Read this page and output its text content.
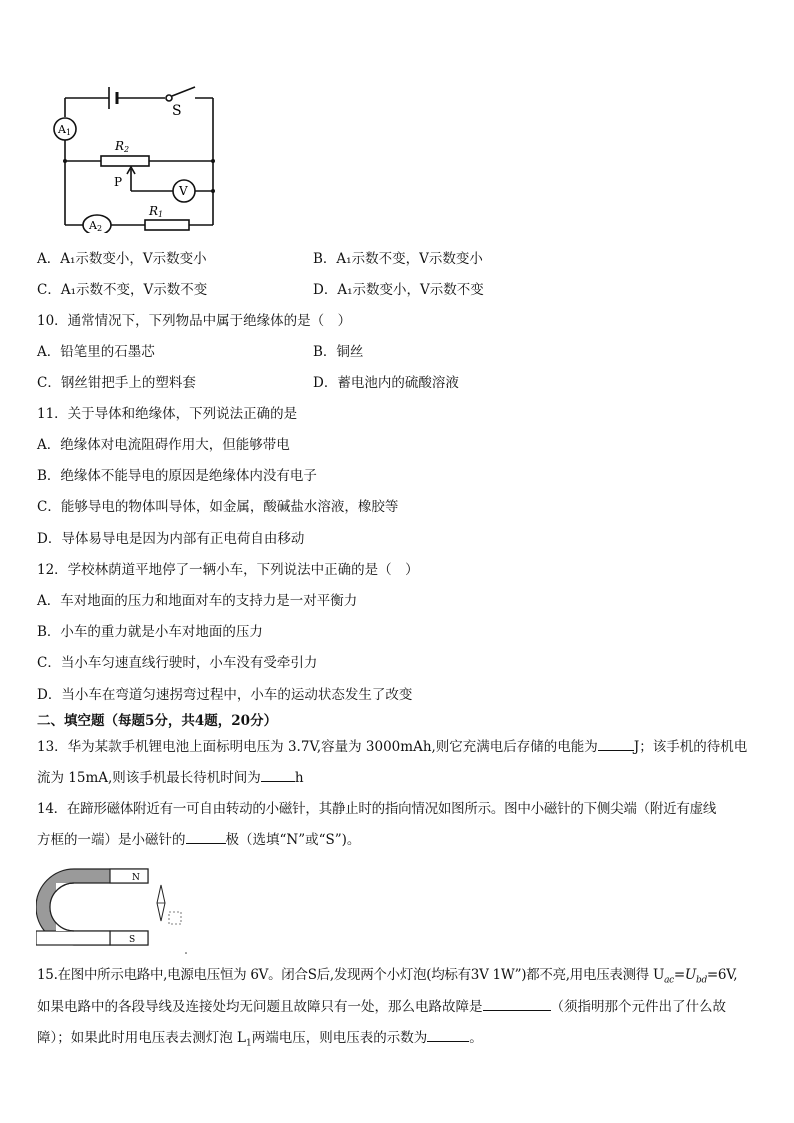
S
A1
R2
P
V
A2
R1
A．A₁示数变小，V示数变小	B．A₁示数不变，V示数变小
C．A₁示数不变，V示数不变	D．A₁示数变小，V示数不变
10．通常情况下，下列物品中属于绝缘体的是（　）
A．铅笔里的石墨芯	B．铜丝
C．钢丝钳把手上的塑料套	D．蓄电池内的硫酸溶液
11．关于导体和绝缘体，下列说法正确的是
A．绝缘体对电流阻碍作用大，但能够带电
B．绝缘体不能导电的原因是绝缘体内没有电子
C．能够导电的物体叫导体，如金属，酸碱盐水溶液，橡胶等
D．导体易导电是因为内部有正电荷自由移动
12．学校林荫道平地停了一辆小车，下列说法中正确的是（　）
A．车对地面的压力和地面对车的支持力是一对平衡力
B．小车的重力就是小车对地面的压力
C．当小车匀速直线行驶时，小车没有受牵引力
D．当小车在弯道匀速拐弯过程中，小车的运动状态发生了改变
二、填空题（每题5分，共4题，20分）
13．华为某款手机锂电池上面标明电压为 3.7V,容量为 3000mAh,则它充满电后存储的电能为	J；该手机的待机电
流为 15mA,则该手机最长待机时间为	h
14．在蹄形磁体附近有一可自由转动的小磁针，其静止时的指向情况如图所示。图中小磁针的下侧尖端（附近有虚线
方框的一端）是小磁针的	极（选填“N”或“S”)。
N
S
15.在图中所示电路中,电源电压恒为 6V。闭合S后,发现两个小灯泡(均标有3V 1W”)都不亮,用电压表测得 $U_{ac}=U_{bd}=6V$,
如果电路中的各段导线及连接处均无问题且故障只有一处，那么电路故障是	（须指明那个元件出了什么故
障）；如果此时用电压表去测灯泡 $L_1$两端电压，则电压表的示数为	。
